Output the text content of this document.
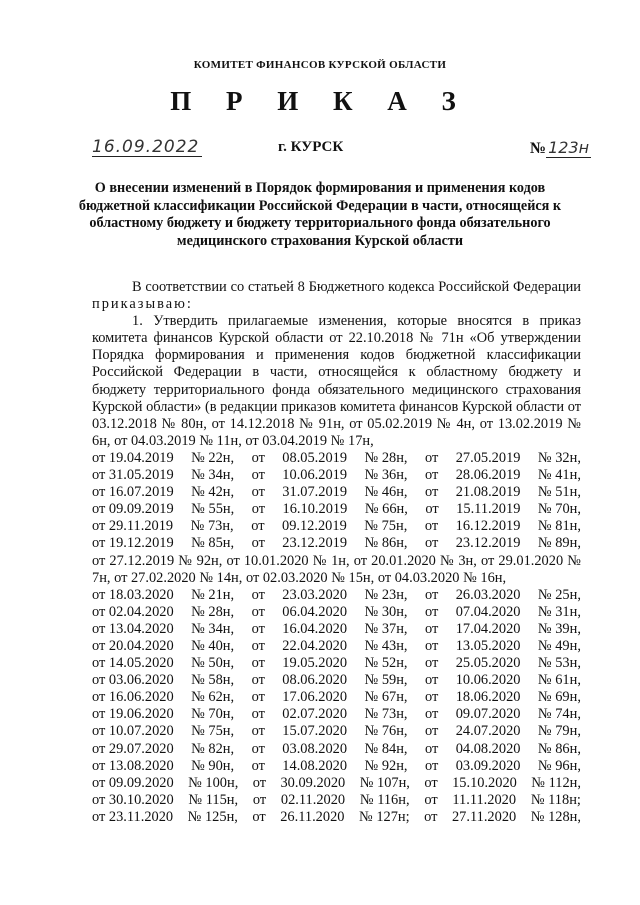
КОМИТЕТ ФИНАНСОВ КУРСКОЙ ОБЛАСТИ
П Р И К А З
16.09.2022	г. КУРСК	№ 123н
О внесении изменений в Порядок формирования и применения кодов бюджетной классификации Российской Федерации в части, относящейся к областному бюджету и бюджету территориального фонда обязательного медицинского страхования Курской области

В соответствии со статьей 8 Бюджетного кодекса Российской Федерации приказываю:

1. Утвердить прилагаемые изменения, которые вносятся в приказ комитета финансов Курской области от 22.10.2018 № 71н «Об утверждении Порядка формирования и применения кодов бюджетной классификации Российской Федерации в части, относящейся к областному бюджету и бюджету территориального фонда обязательного медицинского страхования Курской области» (в редакции приказов комитета финансов Курской области от 03.12.2018 № 80н, от 14.12.2018 № 91н, от 05.02.2019 № 4н, от 13.02.2019 № 6н, от 04.03.2019 № 11н, от 03.04.2019 № 17н,

от 19.04.2019 № 22н, от 08.05.2019 № 28н, от 27.05.2019 № 32н,
от 31.05.2019 № 34н, от 10.06.2019 № 36н, от 28.06.2019 № 41н,
от 16.07.2019 № 42н, от 31.07.2019 № 46н, от 21.08.2019 № 51н,
от 09.09.2019 № 55н, от 16.10.2019 № 66н, от 15.11.2019 № 70н,
от 29.11.2019 № 73н, от 09.12.2019 № 75н, от 16.12.2019 № 81н,
от 19.12.2019 № 85н, от 23.12.2019 № 86н, от 23.12.2019 № 89н,

от 27.12.2019 № 92н, от 10.01.2020 № 1н, от 20.01.2020 № 3н, от 29.01.2020 № 7н, от 27.02.2020 № 14н, от 02.03.2020 № 15н, от 04.03.2020 № 16н,

от 18.03.2020 № 21н, от 23.03.2020 № 23н, от 26.03.2020 № 25н,
от 02.04.2020 № 28н, от 06.04.2020 № 30н, от 07.04.2020 № 31н,
от 13.04.2020 № 34н, от 16.04.2020 № 37н, от 17.04.2020 № 39н,
от 20.04.2020 № 40н, от 22.04.2020 № 43н, от 13.05.2020 № 49н,
от 14.05.2020 № 50н, от 19.05.2020 № 52н, от 25.05.2020 № 53н,
от 03.06.2020 № 58н, от 08.06.2020 № 59н, от 10.06.2020 № 61н,
от 16.06.2020 № 62н, от 17.06.2020 № 67н, от 18.06.2020 № 69н,
от 19.06.2020 № 70н, от 02.07.2020 № 73н, от 09.07.2020 № 74н,
от 10.07.2020 № 75н, от 15.07.2020 № 76н, от 24.07.2020 № 79н,
от 29.07.2020 № 82н, от 03.08.2020 № 84н, от 04.08.2020 № 86н,
от 13.08.2020 № 90н, от 14.08.2020 № 92н, от 03.09.2020 № 96н,
от 09.09.2020 № 100н, от 30.09.2020 № 107н, от 15.10.2020 № 112н,
от 30.10.2020 № 115н, от 02.11.2020 № 116н, от 11.11.2020 № 118н;
от 23.11.2020 № 125н, от 26.11.2020 № 127н; от 27.11.2020 № 128н,
